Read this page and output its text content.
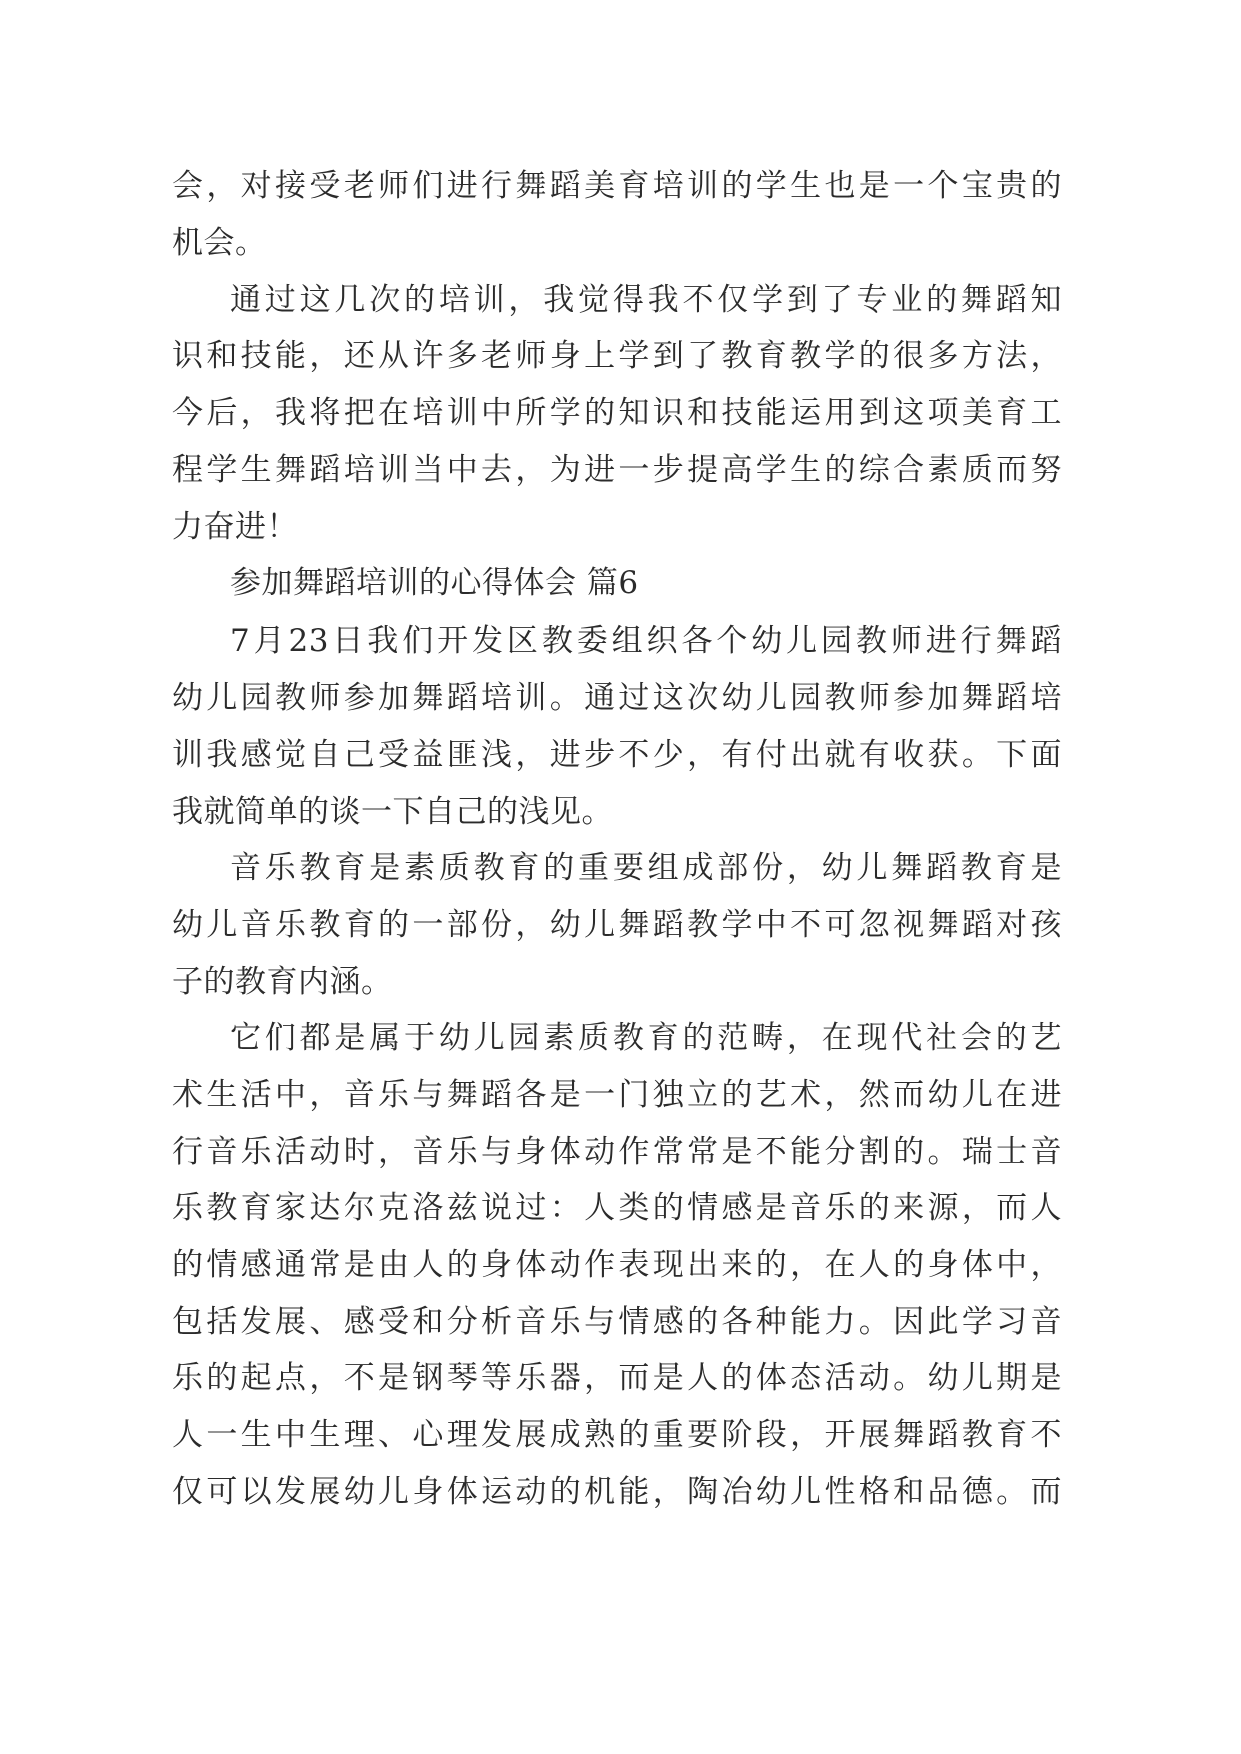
会，对接受老师们进行舞蹈美育培训的学生也是一个宝贵的
机会。
通过这几次的培训，我觉得我不仅学到了专业的舞蹈知
识和技能，还从许多老师身上学到了教育教学的很多方法，
今后，我将把在培训中所学的知识和技能运用到这项美育工
程学生舞蹈培训当中去，为进一步提高学生的综合素质而努
力奋进！
参加舞蹈培训的心得体会 篇6
7月23日我们开发区教委组织各个幼儿园教师进行舞蹈
幼儿园教师参加舞蹈培训。通过这次幼儿园教师参加舞蹈培
训我感觉自己受益匪浅，进步不少，有付出就有收获。下面
我就简单的谈一下自己的浅见。
音乐教育是素质教育的重要组成部份，幼儿舞蹈教育是
幼儿音乐教育的一部份，幼儿舞蹈教学中不可忽视舞蹈对孩
子的教育内涵。
它们都是属于幼儿园素质教育的范畴，在现代社会的艺
术生活中，音乐与舞蹈各是一门独立的艺术，然而幼儿在进
行音乐活动时，音乐与身体动作常常是不能分割的。瑞士音
乐教育家达尔克洛兹说过：人类的情感是音乐的来源，而人
的情感通常是由人的身体动作表现出来的，在人的身体中，
包括发展、感受和分析音乐与情感的各种能力。因此学习音
乐的起点，不是钢琴等乐器，而是人的体态活动。幼儿期是
人一生中生理、心理发展成熟的重要阶段，开展舞蹈教育不
仅可以发展幼儿身体运动的机能，陶冶幼儿性格和品德。而
